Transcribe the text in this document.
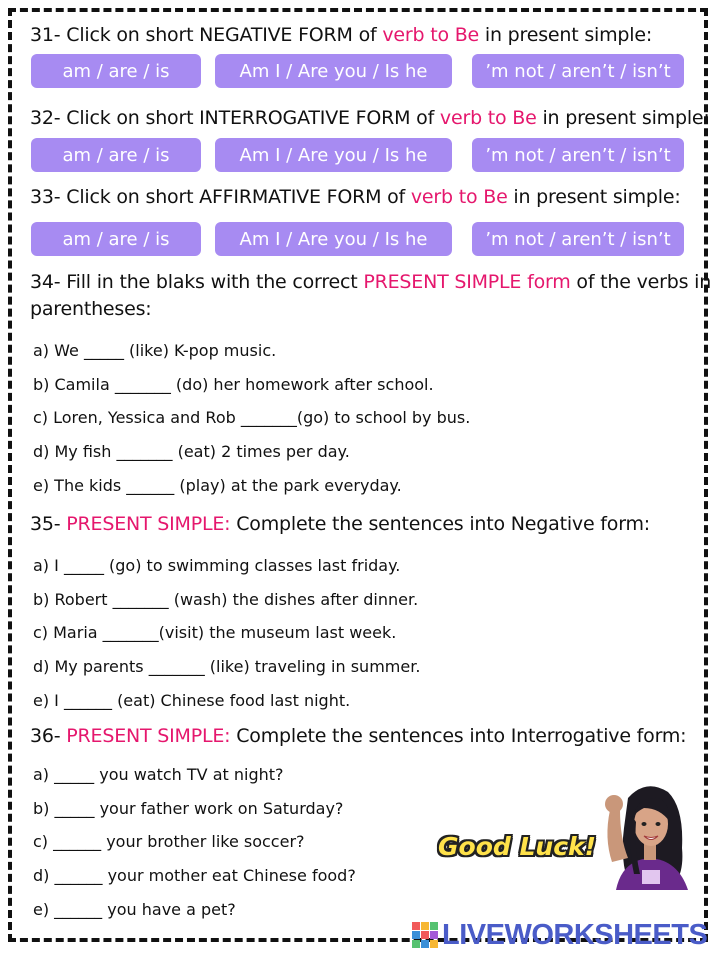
31- Click on short NEGATIVE FORM of verb to Be in present simple:
am / are / is	Am I / Are you / Is he	’m not / aren’t / isn’t
32- Click on short INTERROGATIVE FORM of verb to Be in present simple:
am / are / is	Am I / Are you / Is he	’m not / aren’t / isn’t
33- Click on short AFFIRMATIVE FORM of verb to Be in present simple:
am / are / is	Am I / Are you / Is he	’m not / aren’t / isn’t
34- Fill in the blaks with the correct PRESENT SIMPLE form of the verbs in
parentheses:
a) We _____ (like) K-pop music.
b) Camila _______ (do) her homework after school.
c) Loren, Yessica and Rob _______(go) to school by bus.
d) My fish _______ (eat) 2 times per day.
e) The kids ______ (play) at the park everyday.
35- PRESENT SIMPLE: Complete the sentences into Negative form:
a) I _____ (go) to swimming classes last friday.
b) Robert _______ (wash) the dishes after dinner.
c) Maria _______(visit) the museum last week.
d) My parents _______ (like) traveling in summer.
e) I ______ (eat) Chinese food last night.
36- PRESENT SIMPLE: Complete the sentences into Interrogative form:
a) _____ you watch TV at night?
b) _____ your father work on Saturday?
c) ______ your brother like soccer?
d) ______ your mother eat Chinese food?
e) ______ you have a pet?
Good Luck!
LIVEWORKSHEETS
